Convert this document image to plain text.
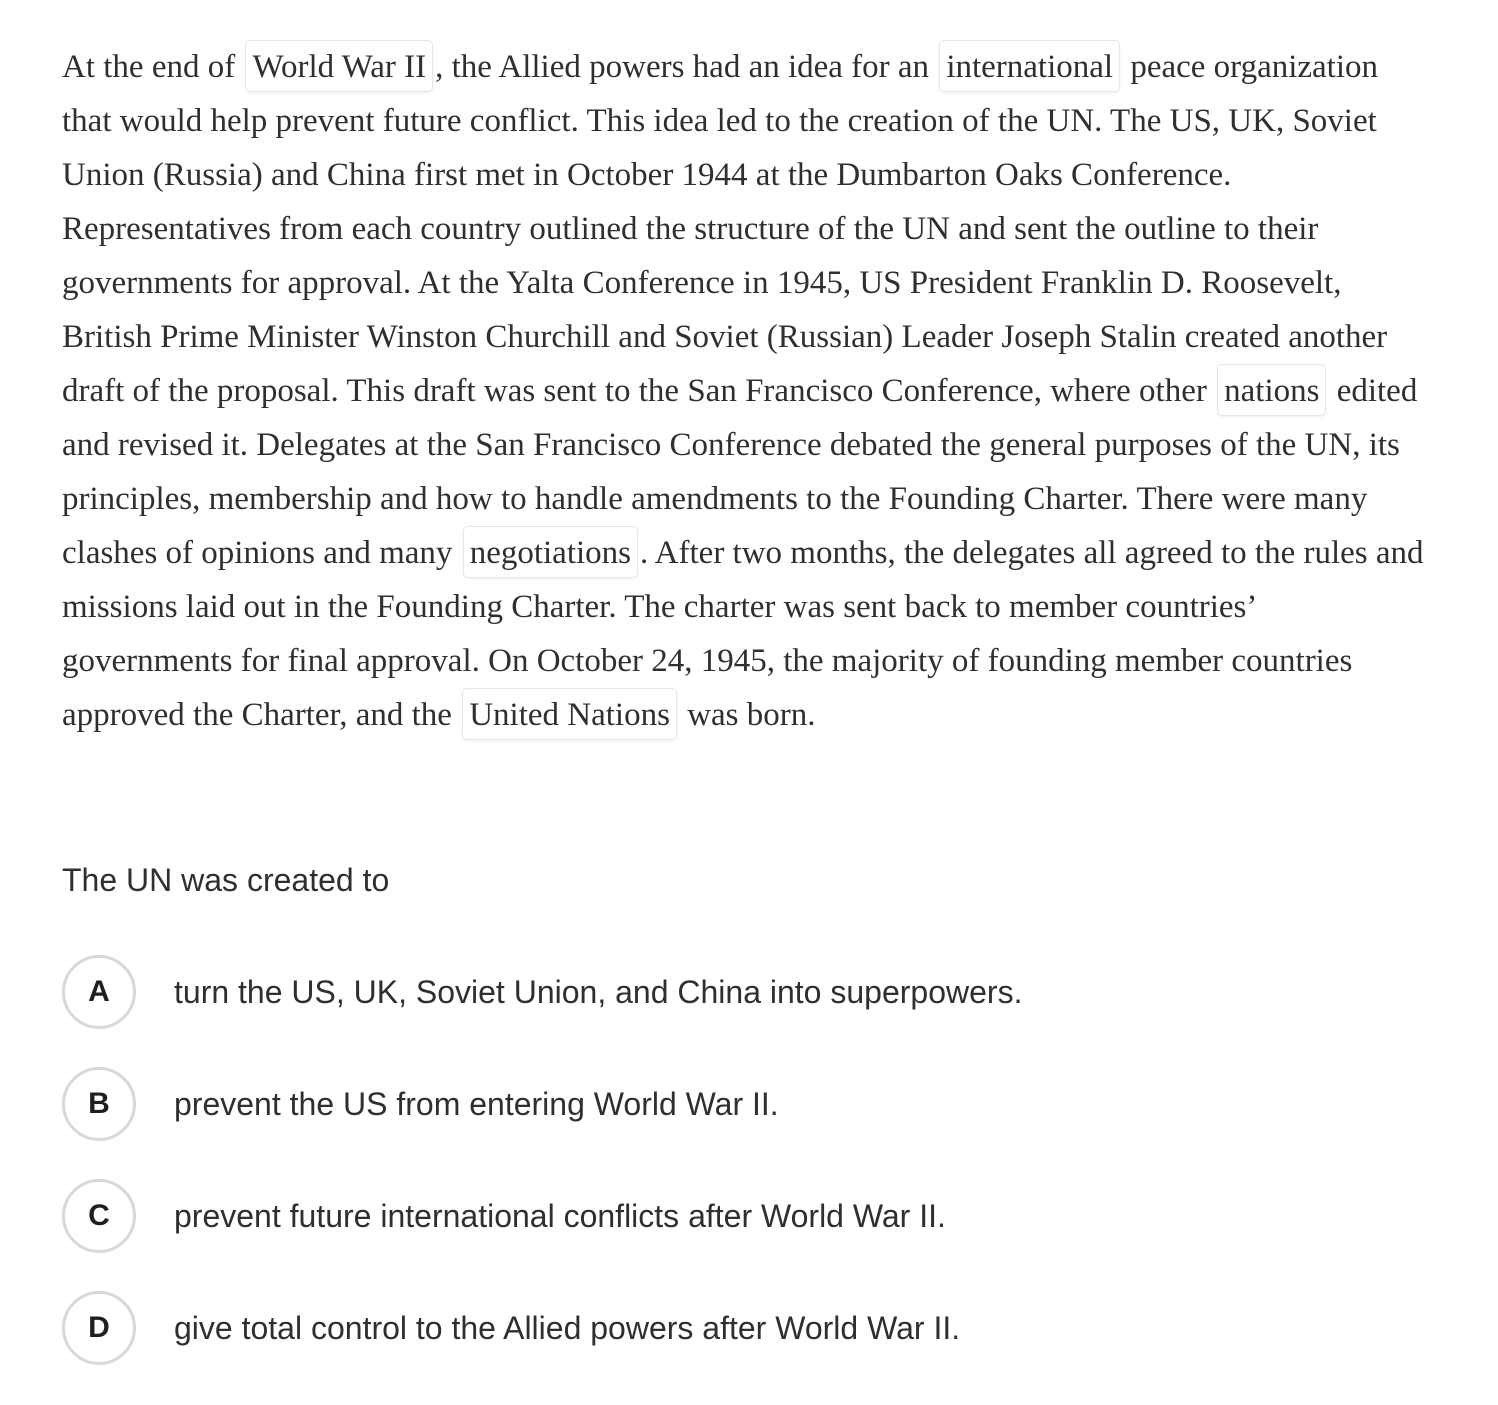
At the end of World War II , the Allied powers had an idea for an international peace organization that would help prevent future conflict. This idea led to the creation of the UN. The US, UK, Soviet Union (Russia) and China first met in October 1944 at the Dumbarton Oaks Conference. Representatives from each country outlined the structure of the UN and sent the outline to their governments for approval. At the Yalta Conference in 1945, US President Franklin D. Roosevelt, British Prime Minister Winston Churchill and Soviet (Russian) Leader Joseph Stalin created another draft of the proposal. This draft was sent to the San Francisco Conference, where other nations edited and revised it. Delegates at the San Francisco Conference debated the general purposes of the UN, its principles, membership and how to handle amendments to the Founding Charter. There were many clashes of opinions and many negotiations . After two months, the delegates all agreed to the rules and missions laid out in the Founding Charter. The charter was sent back to member countries’ governments for final approval. On October 24, 1945, the majority of founding member countries approved the Charter, and the United Nations was born.
The UN was created to
A	turn the US, UK, Soviet Union, and China into superpowers.
B	prevent the US from entering World War II.
C	prevent future international conflicts after World War II.
D	give total control to the Allied powers after World War II.
